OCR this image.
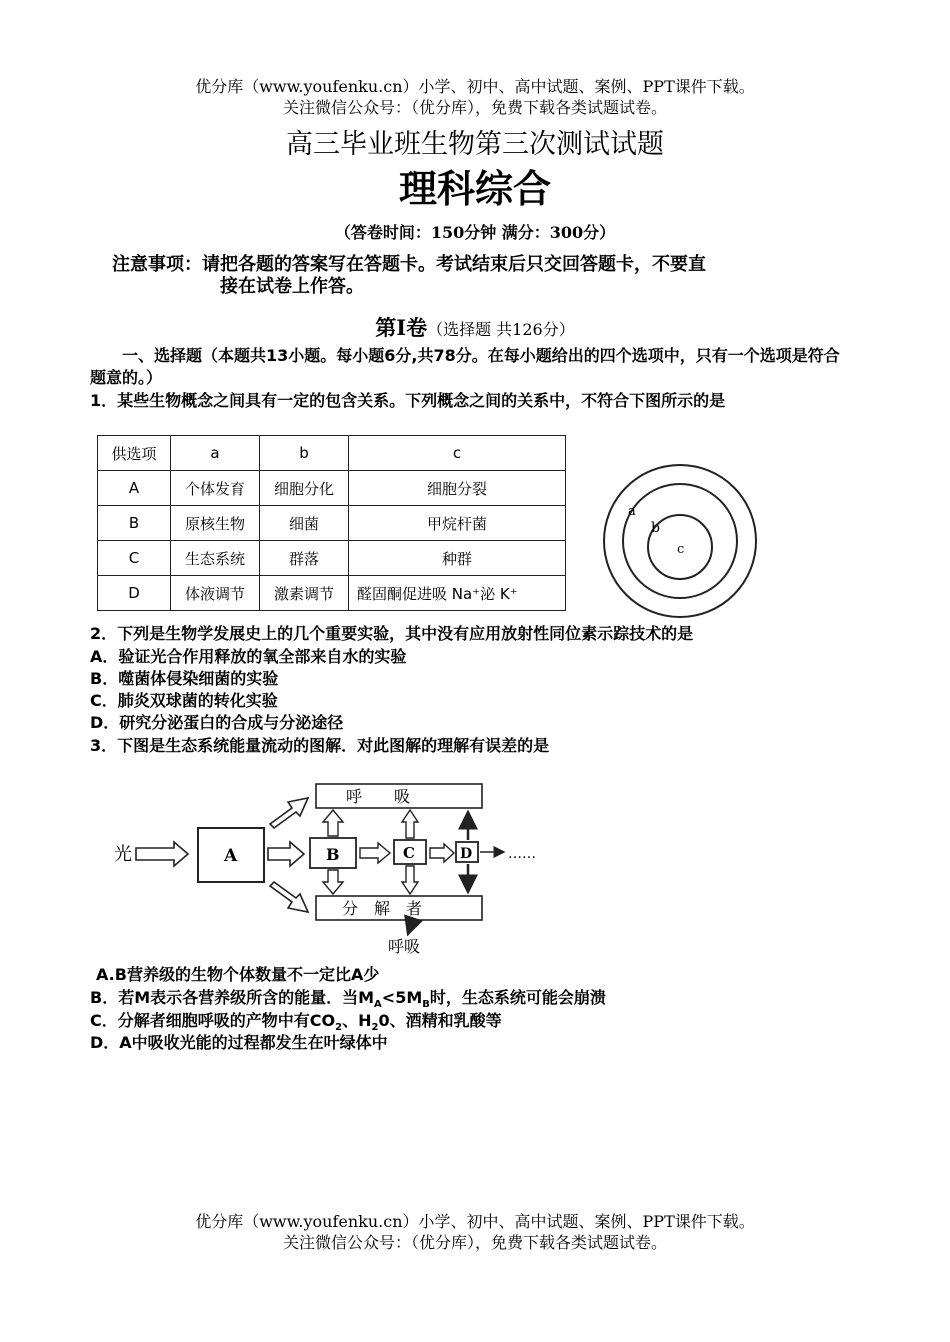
优分库（www.youfenku.cn）小学、初中、高中试题、案例、PPT课件下载。
关注微信公众号：（优分库），免费下载各类试题试卷。
高三毕业班生物第三次测试试题
理科综合
（答卷时间：150分钟 满分：300分）
注意事项：请把各题的答案写在答题卡。考试结束后只交回答题卡，不要直
接在试卷上作答。
第Ⅰ卷（选择题 共126分）
一、选择题（本题共13小题。每小题6分,共78分。在每小题给出的四个选项中，只有一个选项是符合题意的。）
1．某些生物概念之间具有一定的包含关系。下列概念之间的关系中，不符合下图所示的是
供选项	a	b	c
A	个体发育	细胞分化	细胞分裂
B	原核生物	细菌	甲烷杆菌
C	生态系统	群落	种群
D	体液调节	激素调节	醛固酮促进吸 Na⁺泌 K⁺
a
b
c
2．下列是生物学发展史上的几个重要实验，其中没有应用放射性同位素示踪技术的是
A．验证光合作用释放的氧全部来自水的实验
B．噬菌体侵染细菌的实验
C．肺炎双球菌的转化实验
D．研究分泌蛋白的合成与分泌途径
3．下图是生态系统能量流动的图解．对此图解的理解有误差的是
光	A
呼　　吸
分　解　者
B	C	D	……
呼吸
A.B营养级的生物个体数量不一定比A少
B．若M表示各营养级所含的能量．当$M_A<5M_B$时，生态系统可能会崩溃
C．分解者细胞呼吸的产物中有$CO_2$、$H_20$、酒精和乳酸等
D．A中吸收光能的过程都发生在叶绿体中
优分库（www.youfenku.cn）小学、初中、高中试题、案例、PPT课件下载。
关注微信公众号：（优分库），免费下载各类试题试卷。
